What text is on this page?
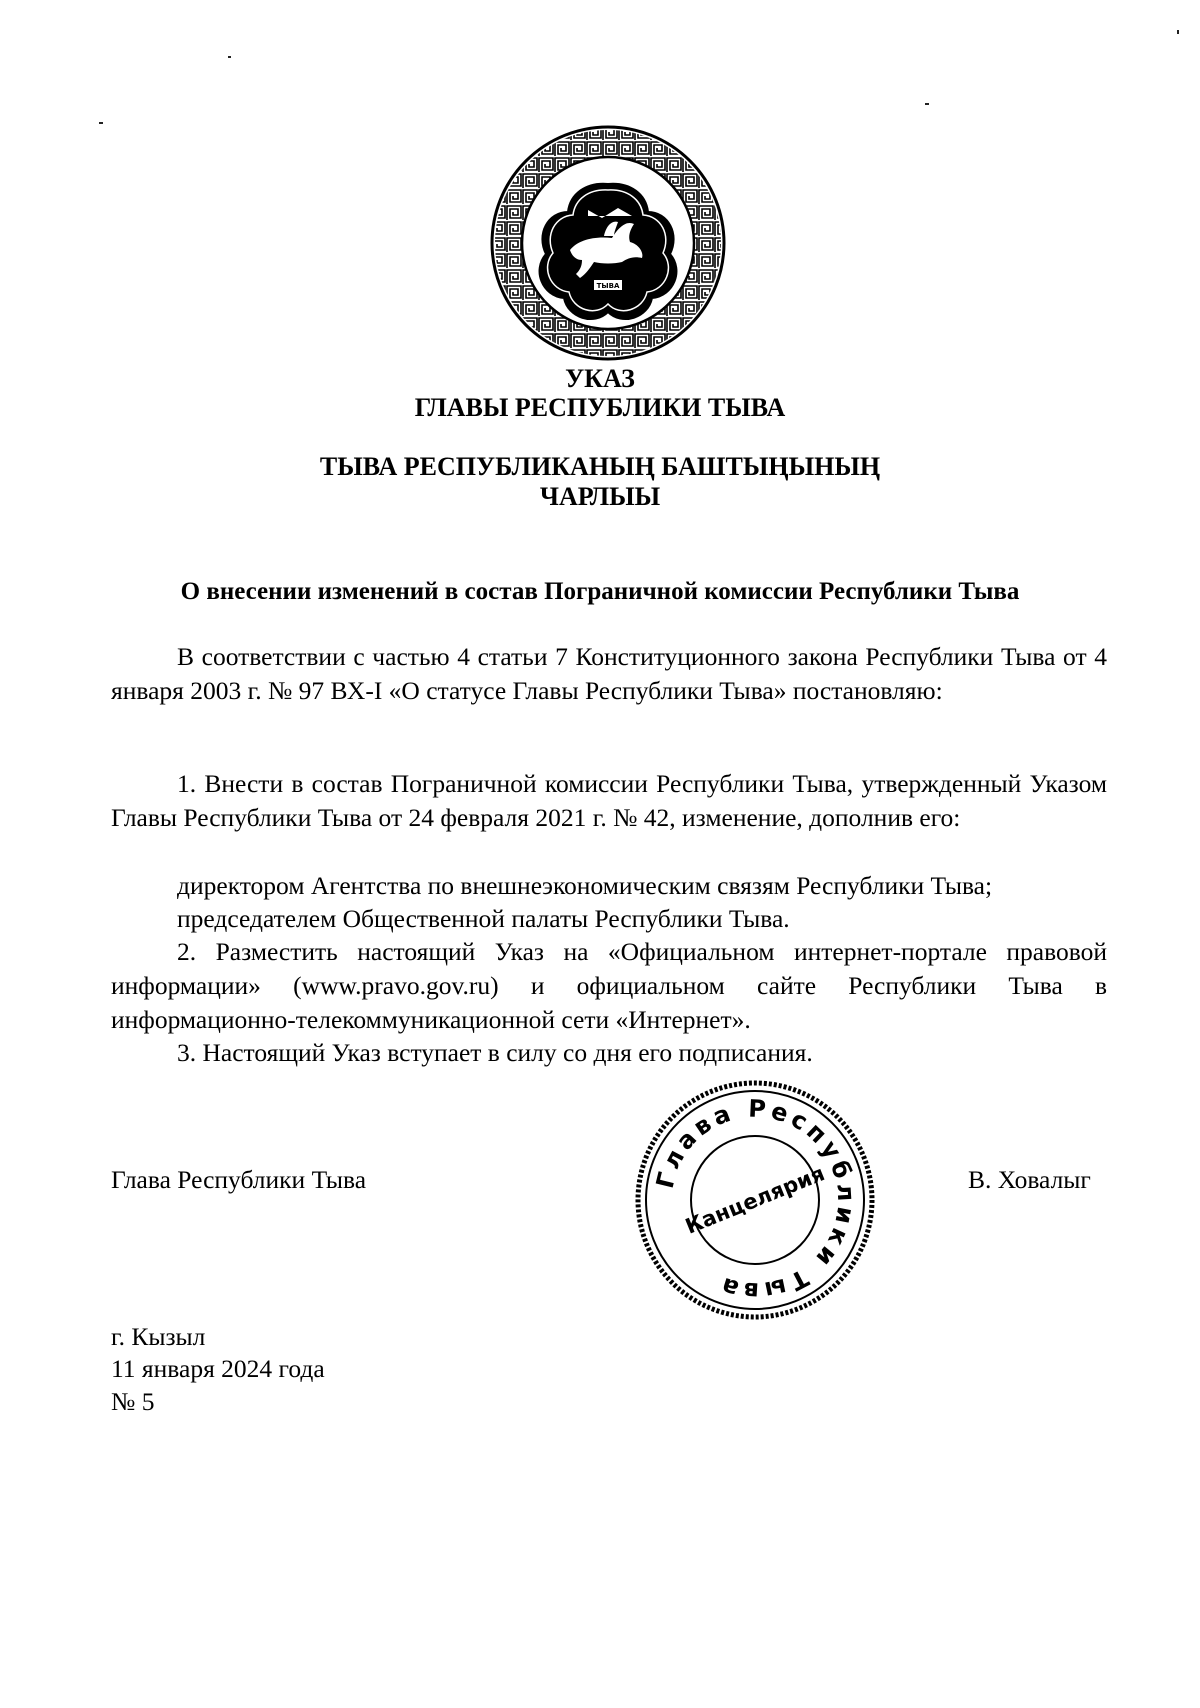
ТЫВА
УКАЗ
ГЛАВЫ РЕСПУБЛИКИ ТЫВА
ТЫВА РЕСПУБЛИКАНЫҢ БАШТЫҢЫНЫҢ
ЧАРЛЫЫ
О внесении изменений в состав Пограничной комиссии Республики Тыва
В соответствии с частью 4 статьи 7 Конституционного закона Республики Тыва от 4 января 2003 г. № 97 ВХ-I «О статусе Главы Республики Тыва» постановляю:
1. Внести в состав Пограничной комиссии Республики Тыва, утвержденный Указом Главы Республики Тыва от 24 февраля 2021 г. № 42, изменение, дополнив его:
директором Агентства по внешнеэкономическим связям Республики Тыва;
председателем Общественной палаты Республики Тыва.
2. Разместить настоящий Указ на «Официальном интернет-портале правовой информации» (www.pravo.gov.ru) и официальном сайте Республики Тыва в информационно-телекоммуникационной сети «Интернет».
3. Настоящий Указ вступает в силу со дня его подписания.
Глава Республики Тыва	В. Ховалыг
Глава Республики Тыва
Канцелярия
г. Кызыл
11 января 2024 года
№ 5
